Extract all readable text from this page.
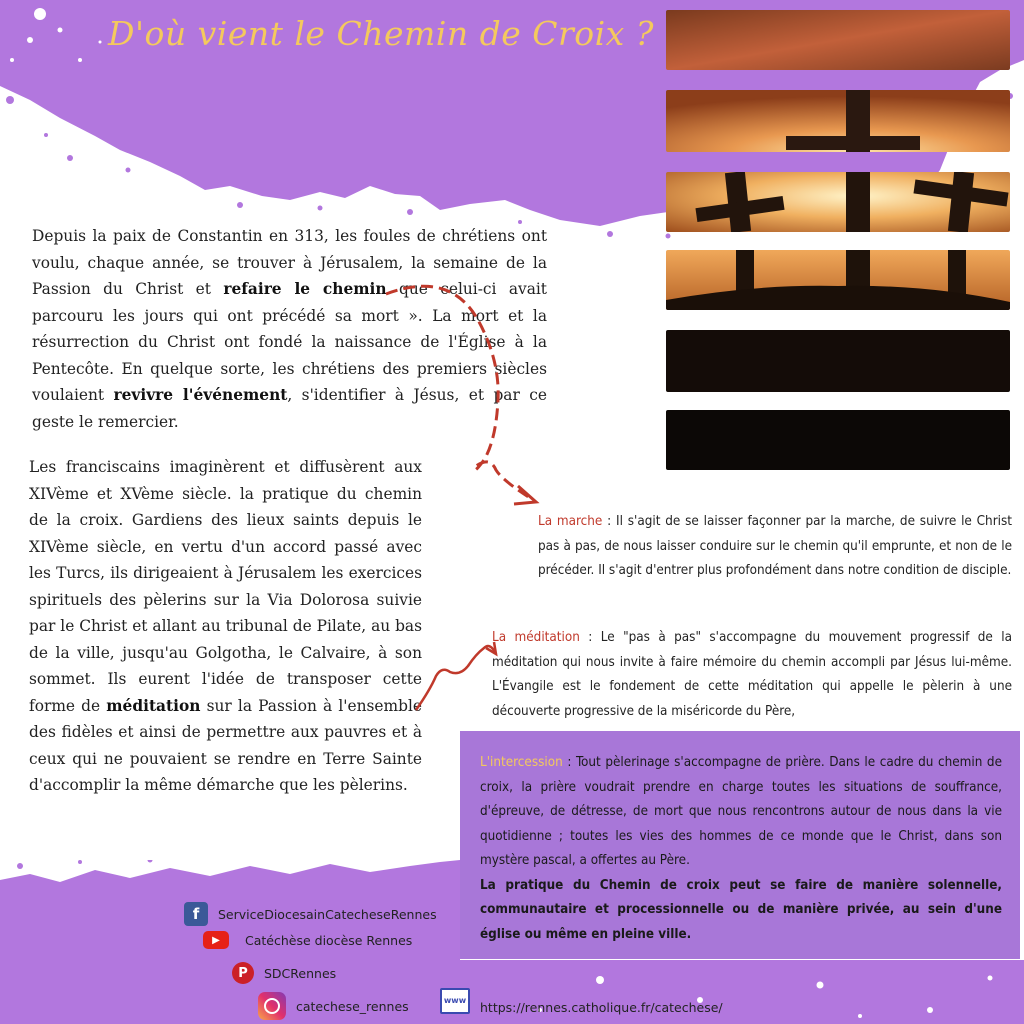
D'où vient le Chemin de Croix ?
Depuis la paix de Constantin en 313, les foules de chrétiens ont voulu, chaque année, se trouver à Jérusalem, la semaine de la Passion du Christ et refaire le chemin que celui-ci avait parcouru les jours qui ont précédé sa mort ». La mort et la résurrection du Christ ont fondé la naissance de l'Église à la Pentecôte. En quelque sorte, les chrétiens des premiers siècles voulaient revivre l'événement, s'identifier à Jésus, et par ce geste le remercier.
Les franciscains imaginèrent et diffusèrent aux XIVème et XVème siècle. la pratique du chemin de la croix. Gardiens des lieux saints depuis le XIVème siècle, en vertu d'un accord passé avec les Turcs, ils dirigeaient à Jérusalem les exercices spirituels des pèlerins sur la Via Dolorosa suivie par le Christ et allant au tribunal de Pilate, au bas de la ville, jusqu'au Golgotha, le Calvaire, à son sommet. Ils eurent l'idée de transposer cette forme de méditation sur la Passion à l'ensemble des fidèles et ainsi de permettre aux pauvres et à ceux qui ne pouvaient se rendre en Terre Sainte d'accomplir la même démarche que les pèlerins.
La marche : Il s'agit de se laisser façonner par la marche, de suivre le Christ pas à pas, de nous laisser conduire sur le chemin qu'il emprunte, et non de le précéder. Il s'agit d'entrer plus profondément dans notre condition de disciple.
La méditation : Le "pas à pas" s'accompagne du mouvement progressif de la méditation qui nous invite à faire mémoire du chemin accompli par Jésus lui-même. L'Évangile est le fondement de cette méditation qui appelle le pèlerin à une découverte progressive de la miséricorde du Père,
L'intercession : Tout pèlerinage s'accompagne de prière. Dans le cadre du chemin de croix, la prière voudrait prendre en charge toutes les situations de souffrance, d'épreuve, de détresse, de mort que nous rencontrons autour de nous dans la vie quotidienne ; toutes les vies des hommes de ce monde que le Christ, dans son mystère pascal, a offertes au Père.
La pratique du Chemin de croix peut se faire de manière solennelle, communautaire et processionnelle ou de manière privée, au sein d'une église ou même en pleine ville.
f	ServiceDiocesainCatecheseRennes
▶	Catéchèse diocèse Rennes
P	SDCRennes
catechese_rennes	www	https://rennes.catholique.fr/catechese/
